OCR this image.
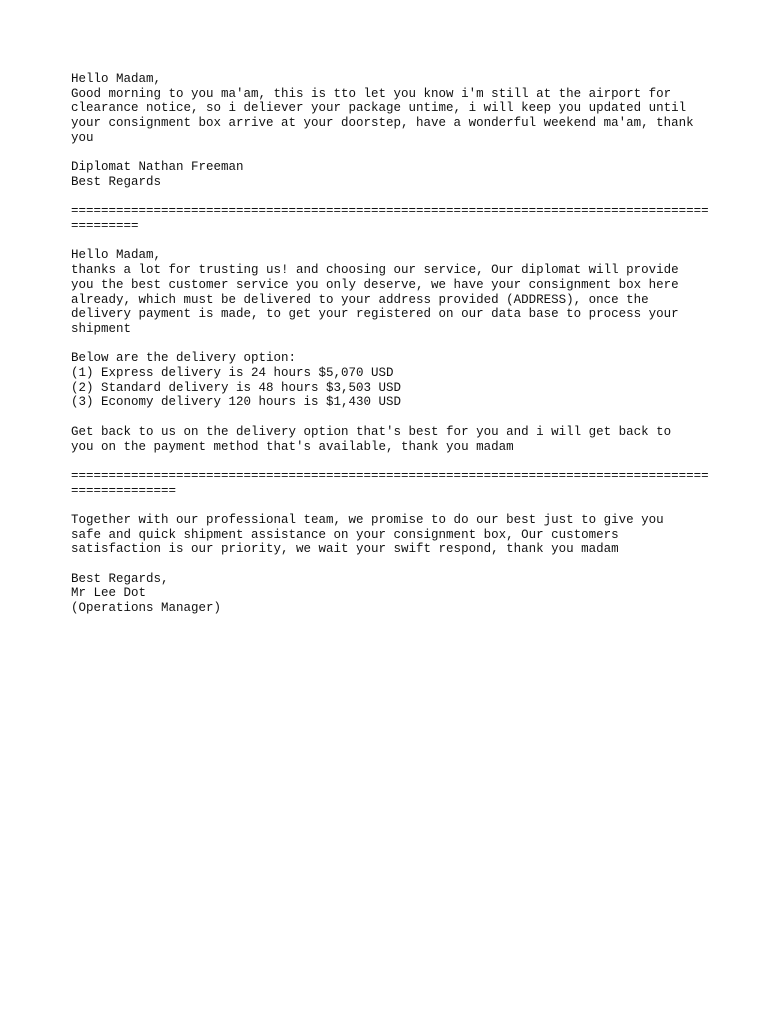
Hello Madam,
Good morning to you ma'am, this is tto let you know i'm still at the airport for
clearance notice, so i deliever your package untime, i will keep you updated until
your consignment box arrive at your doorstep, have a wonderful weekend ma'am, thank
you
Diplomat Nathan Freeman
Best Regards
=====================================================================================
=========
Hello Madam,
thanks a lot for trusting us! and choosing our service, Our diplomat will provide
you the best customer service you only deserve, we have your consignment box here
already, which must be delivered to your address provided (ADDRESS), once the
delivery payment is made, to get your registered on our data base to process your
shipment
Below are the delivery option:
(1) Express delivery is 24 hours $5,070 USD
(2) Standard delivery is 48 hours $3,503 USD
(3) Economy delivery 120 hours is $1,430 USD
Get back to us on the delivery option that's best for you and i will get back to
you on the payment method that's available, thank you madam
=====================================================================================
==============
Together with our professional team, we promise to do our best just to give you
safe and quick shipment assistance on your consignment box, Our customers
satisfaction is our priority, we wait your swift respond, thank you madam
Best Regards,
Mr Lee Dot
(Operations Manager)
